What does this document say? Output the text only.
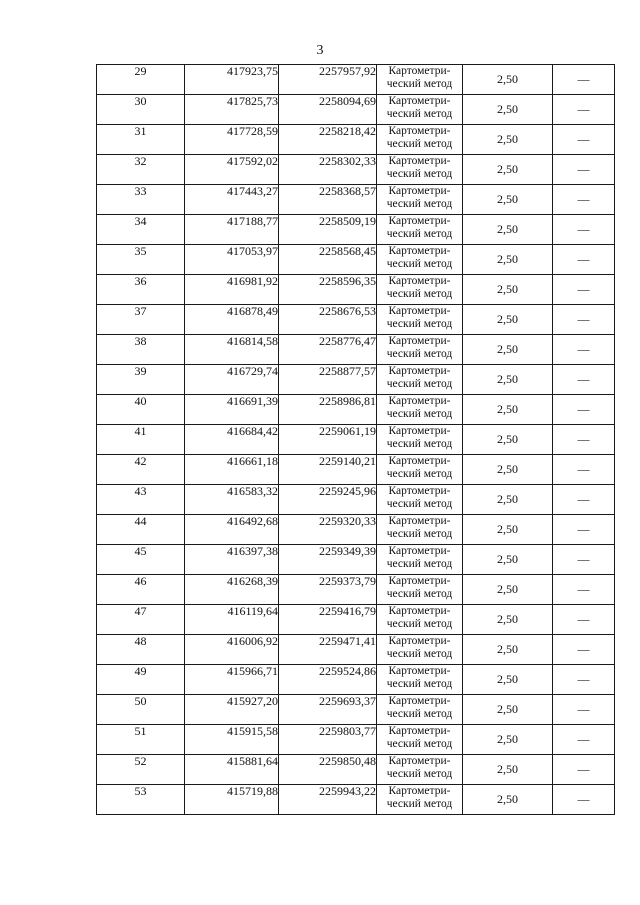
3
29	417923,75	2257957,92	Картометри-
ческий метод	2,50	—
30	417825,73	2258094,69	Картометри-
ческий метод	2,50	—
31	417728,59	2258218,42	Картометри-
ческий метод	2,50	—
32	417592,02	2258302,33	Картометри-
ческий метод	2,50	—
33	417443,27	2258368,57	Картометри-
ческий метод	2,50	—
34	417188,77	2258509,19	Картометри-
ческий метод	2,50	—
35	417053,97	2258568,45	Картометри-
ческий метод	2,50	—
36	416981,92	2258596,35	Картометри-
ческий метод	2,50	—
37	416878,49	2258676,53	Картометри-
ческий метод	2,50	—
38	416814,58	2258776,47	Картометри-
ческий метод	2,50	—
39	416729,74	2258877,57	Картометри-
ческий метод	2,50	—
40	416691,39	2258986,81	Картометри-
ческий метод	2,50	—
41	416684,42	2259061,19	Картометри-
ческий метод	2,50	—
42	416661,18	2259140,21	Картометри-
ческий метод	2,50	—
43	416583,32	2259245,96	Картометри-
ческий метод	2,50	—
44	416492,68	2259320,33	Картометри-
ческий метод	2,50	—
45	416397,38	2259349,39	Картометри-
ческий метод	2,50	—
46	416268,39	2259373,79	Картометри-
ческий метод	2,50	—
47	416119,64	2259416,79	Картометри-
ческий метод	2,50	—
48	416006,92	2259471,41	Картометри-
ческий метод	2,50	—
49	415966,71	2259524,86	Картометри-
ческий метод	2,50	—
50	415927,20	2259693,37	Картометри-
ческий метод	2,50	—
51	415915,58	2259803,77	Картометри-
ческий метод	2,50	—
52	415881,64	2259850,48	Картометри-
ческий метод	2,50	—
53	415719,88	2259943,22	Картометри-
ческий метод	2,50	—
